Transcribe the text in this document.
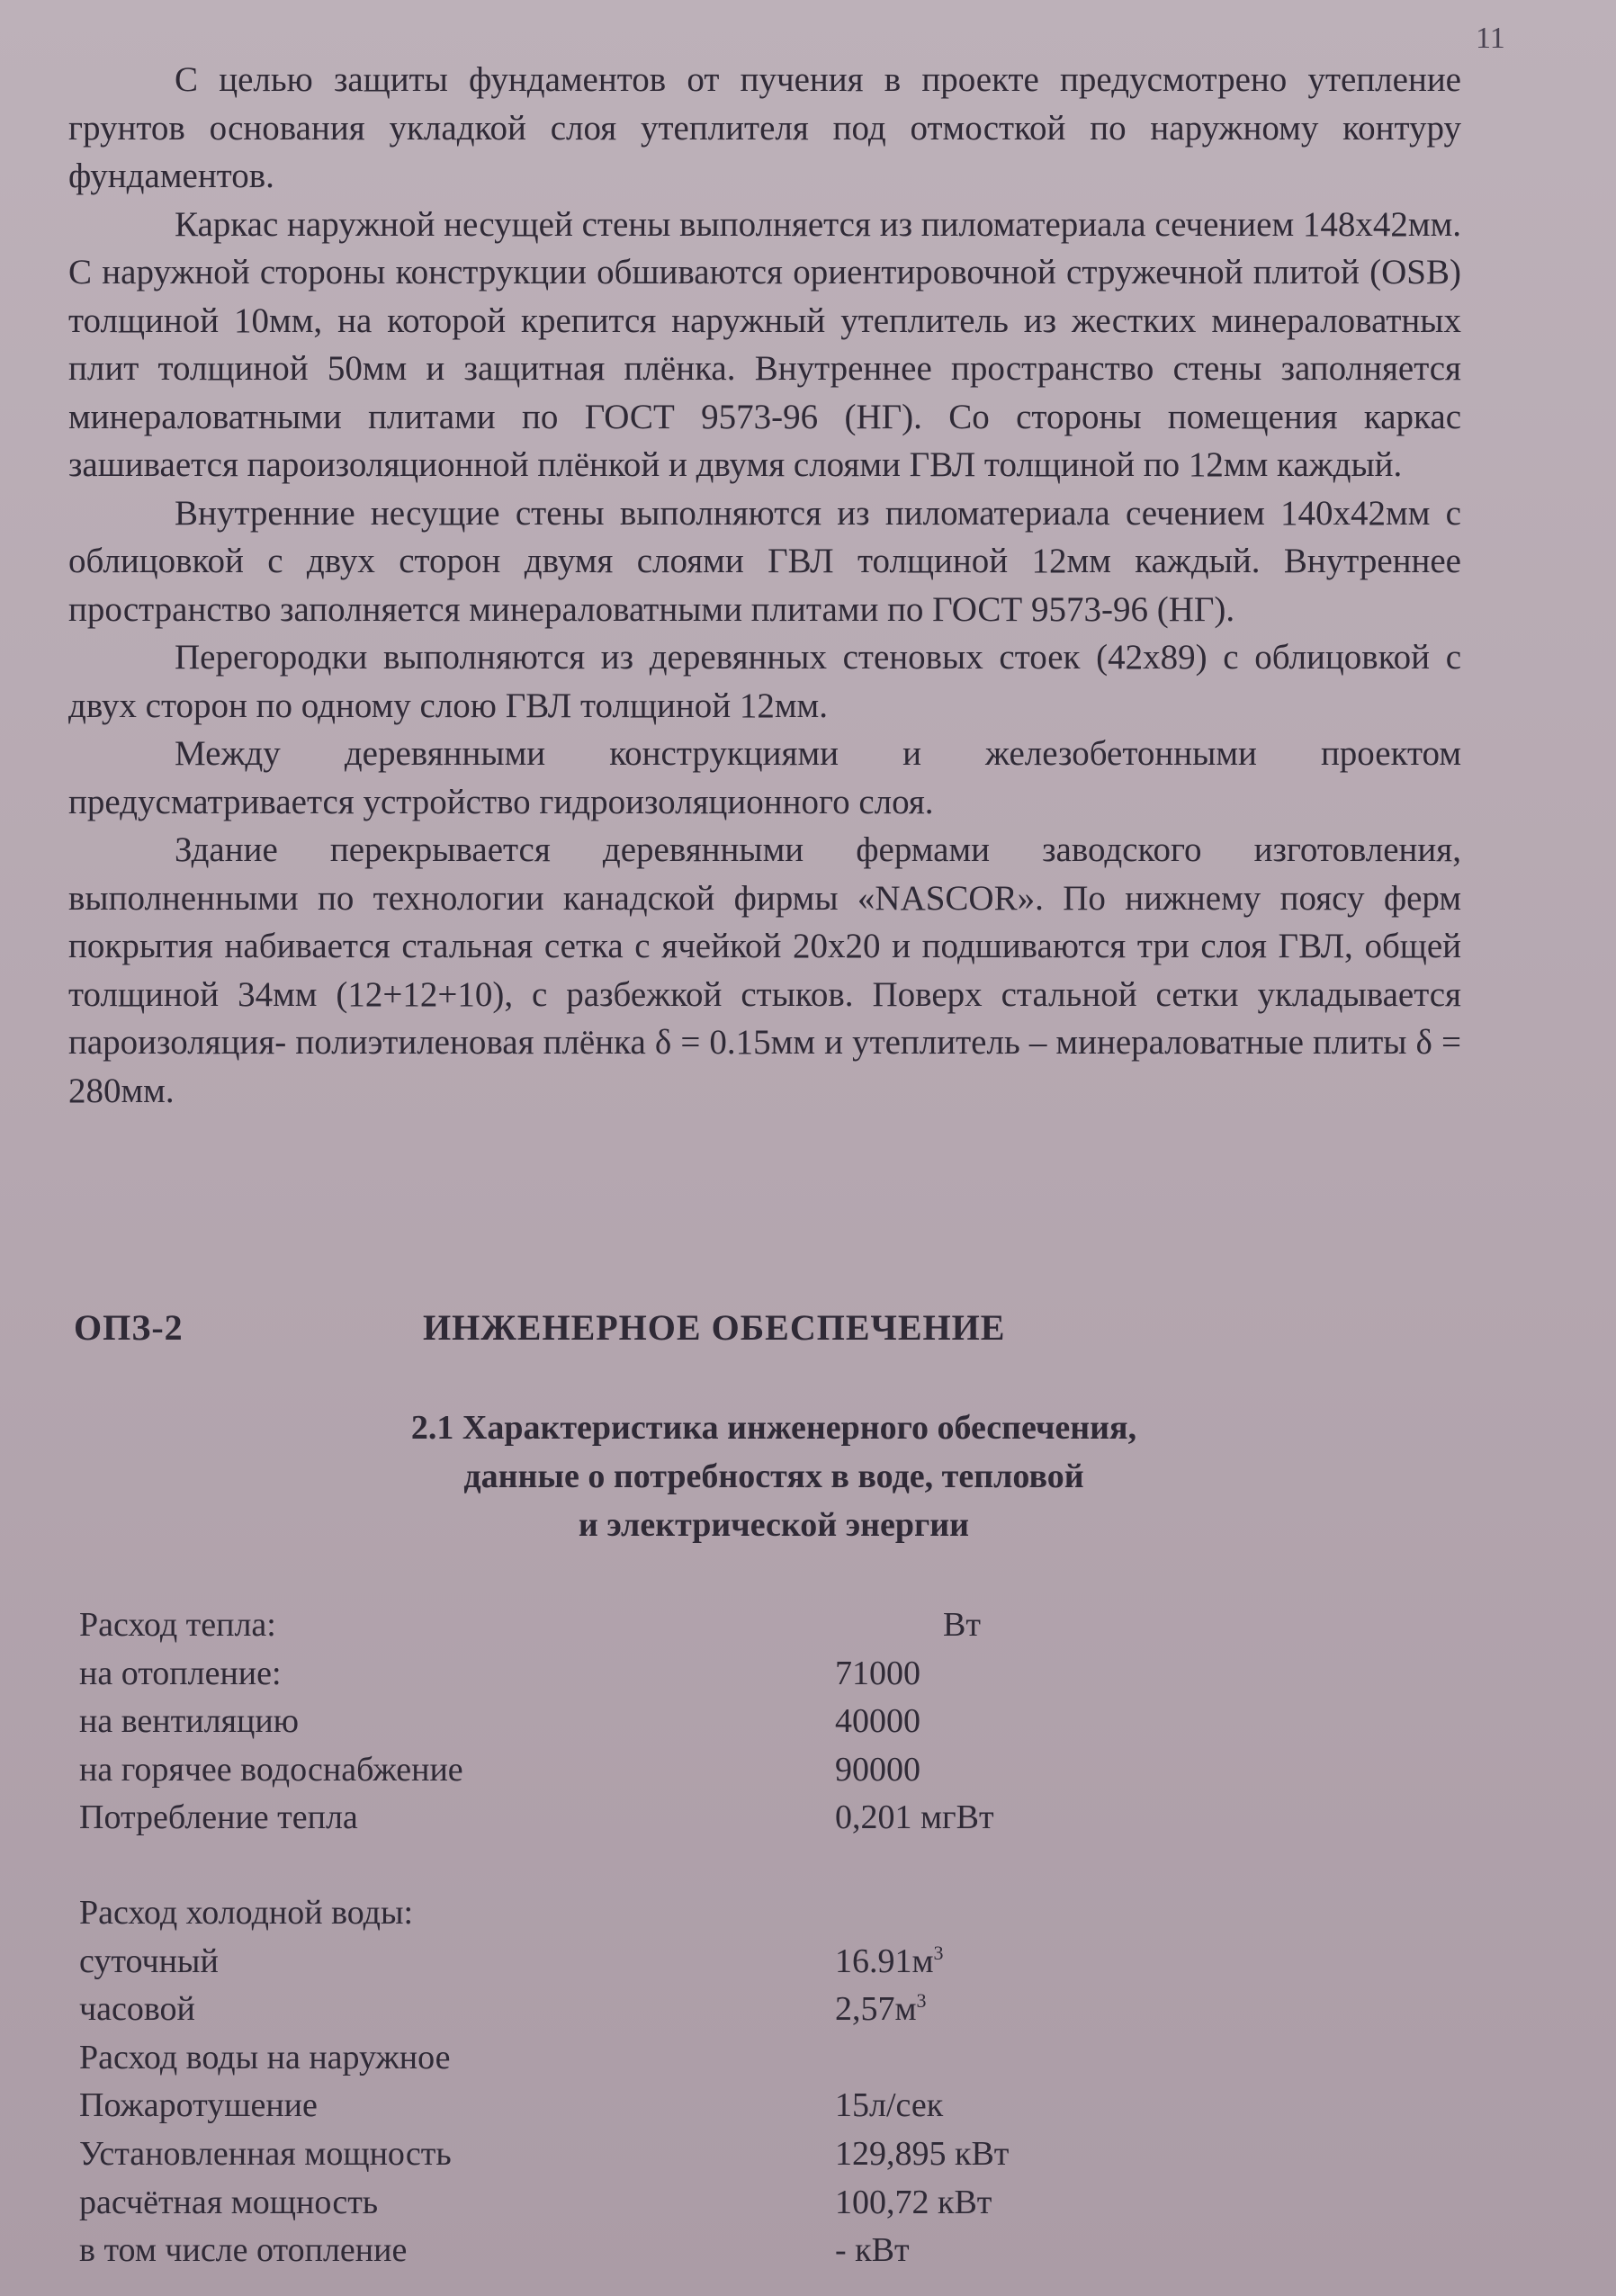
11

С целью защиты фундаментов от пучения в проекте предусмотрено утепление грунтов основания укладкой слоя утеплителя под отмосткой по наружному контуру фундаментов.

Каркас наружной несущей стены выполняется из пиломатериала сечением 148х42мм. С наружной стороны конструкции обшиваются ориентировочной стружечной плитой (OSB) толщиной 10мм, на которой крепится наружный утеплитель из жестких минераловатных плит толщиной 50мм и защитная плёнка. Внутреннее пространство стены заполняется минераловатными плитами по ГОСТ 9573-96 (НГ). Со стороны помещения каркас зашивается пароизоляционной плёнкой и двумя слоями ГВЛ толщиной по 12мм каждый.

Внутренние несущие стены выполняются из пиломатериала сечением 140х42мм с облицовкой с двух сторон двумя слоями ГВЛ толщиной 12мм каждый. Внутреннее пространство заполняется минераловатными плитами по ГОСТ 9573-96 (НГ).

Перегородки выполняются из деревянных стеновых стоек (42х89) с облицовкой с двух сторон по одному слою ГВЛ толщиной 12мм.

Между деревянными конструкциями и железобетонными проектом предусматривается устройство гидроизоляционного слоя.

Здание перекрывается деревянными фермами заводского изготовления, выполненными по технологии канадской фирмы «NASCOR». По нижнему поясу ферм покрытия набивается стальная сетка с ячейкой 20х20 и подшиваются три слоя ГВЛ, общей толщиной 34мм (12+12+10), с разбежкой стыков. Поверх стальной сетки укладывается пароизоляция- полиэтиленовая плёнка δ = 0.15мм и утеплитель – минераловатные плиты δ = 280мм.

ОПЗ-2	ИНЖЕНЕРНОЕ ОБЕСПЕЧЕНИЕ
2.1 Характеристика инженерного обеспечения,
данные о потребностях в воде, тепловой
и электрической энергии
Расход тепла:	Вт
на отопление:	71000
на вентиляцию	40000
на горячее водоснабжение	90000
Потребление тепла	0,201 мгВт
Расход холодной воды:
суточный	$16.91м^3$
часовой	$2,57м^3$
Расход воды на наружное
Пожаротушение	15л/сек
Установленная мощность	129,895 кВт
расчётная мощность	100,72 кВт
в том числе отопление	- кВт
